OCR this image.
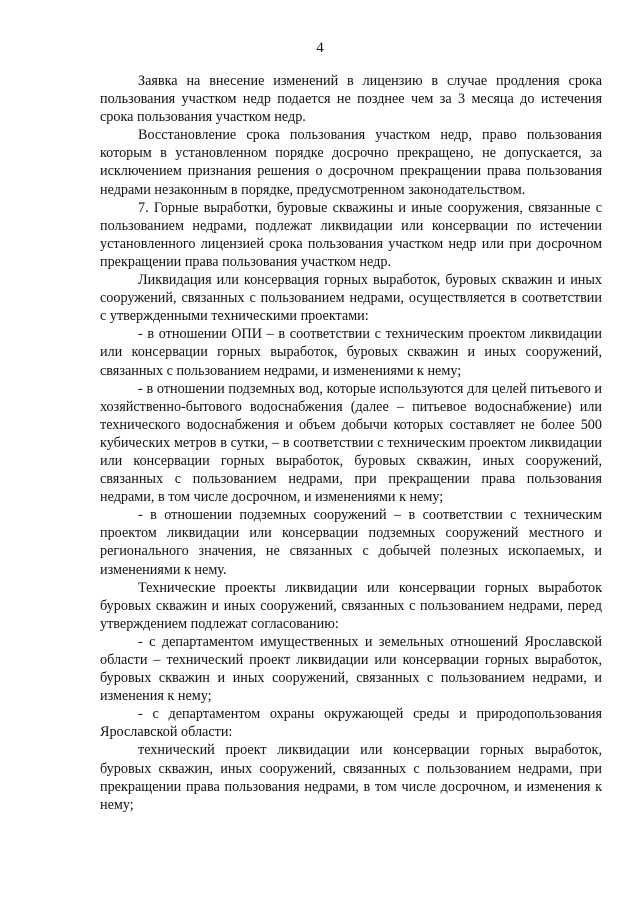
4

Заявка на внесение изменений в лицензию в случае продления срока пользования участком недр подается не позднее чем за 3 месяца до истечения срока пользования участком недр.

Восстановление срока пользования участком недр, право пользования которым в установленном порядке досрочно прекращено, не допускается, за исключением признания решения о досрочном прекращении права пользования недрами незаконным в порядке, предусмотренном законодательством.

7. Горные выработки, буровые скважины и иные сооружения, связанные с пользованием недрами, подлежат ликвидации или консервации по истечении установленного лицензией срока пользования участком недр или при досрочном прекращении права пользования участком недр.

Ликвидация или консервация горных выработок, буровых скважин и иных сооружений, связанных с пользованием недрами, осуществляется в соответствии с утвержденными техническими проектами:

- в отношении ОПИ – в соответствии с техническим проектом ликвидации или консервации горных выработок, буровых скважин и иных сооружений, связанных с пользованием недрами, и изменениями к нему;

- в отношении подземных вод, которые используются для целей питьевого и хозяйственно-бытового водоснабжения (далее – питьевое водоснабжение) или технического водоснабжения и объем добычи которых составляет не более 500 кубических метров в сутки, – в соответствии с техническим проектом ликвидации или консервации горных выработок, буровых скважин, иных сооружений, связанных с пользованием недрами, при прекращении права пользования недрами, в том числе досрочном, и изменениями к нему;

- в отношении подземных сооружений – в соответствии с техническим проектом ликвидации или консервации подземных сооружений местного и регионального значения, не связанных с добычей полезных ископаемых, и изменениями к нему.

Технические проекты ликвидации или консервации горных выработок буровых скважин и иных сооружений, связанных с пользованием недрами, перед утверждением подлежат согласованию:

- с департаментом имущественных и земельных отношений Ярославской области – технический проект ликвидации или консервации горных выработок, буровых скважин и иных сооружений, связанных с пользованием недрами, и изменения к нему;

- с департаментом охраны окружающей среды и природопользования Ярославской области:

технический проект ликвидации или консервации горных выработок, буровых скважин, иных сооружений, связанных с пользованием недрами, при прекращении права пользования недрами, в том числе досрочном, и изменения к нему;
